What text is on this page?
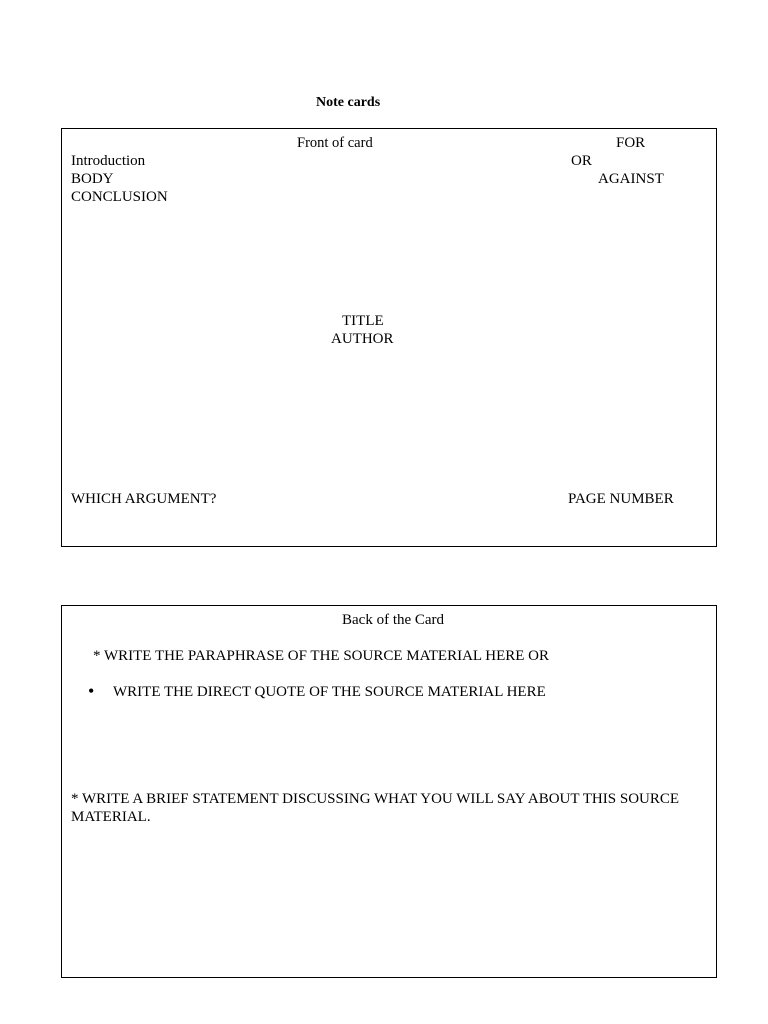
Note cards
Front of card	FOR
OR
AGAINST
Introduction
BODY
CONCLUSION
TITLE
AUTHOR
WHICH ARGUMENT?	PAGE NUMBER
Back of the Card
* WRITE THE PARAPHRASE OF THE SOURCE MATERIAL HERE OR
• WRITE THE DIRECT QUOTE OF THE SOURCE MATERIAL HERE
* WRITE A BRIEF STATEMENT DISCUSSING WHAT YOU WILL SAY ABOUT THIS SOURCE MATERIAL.
